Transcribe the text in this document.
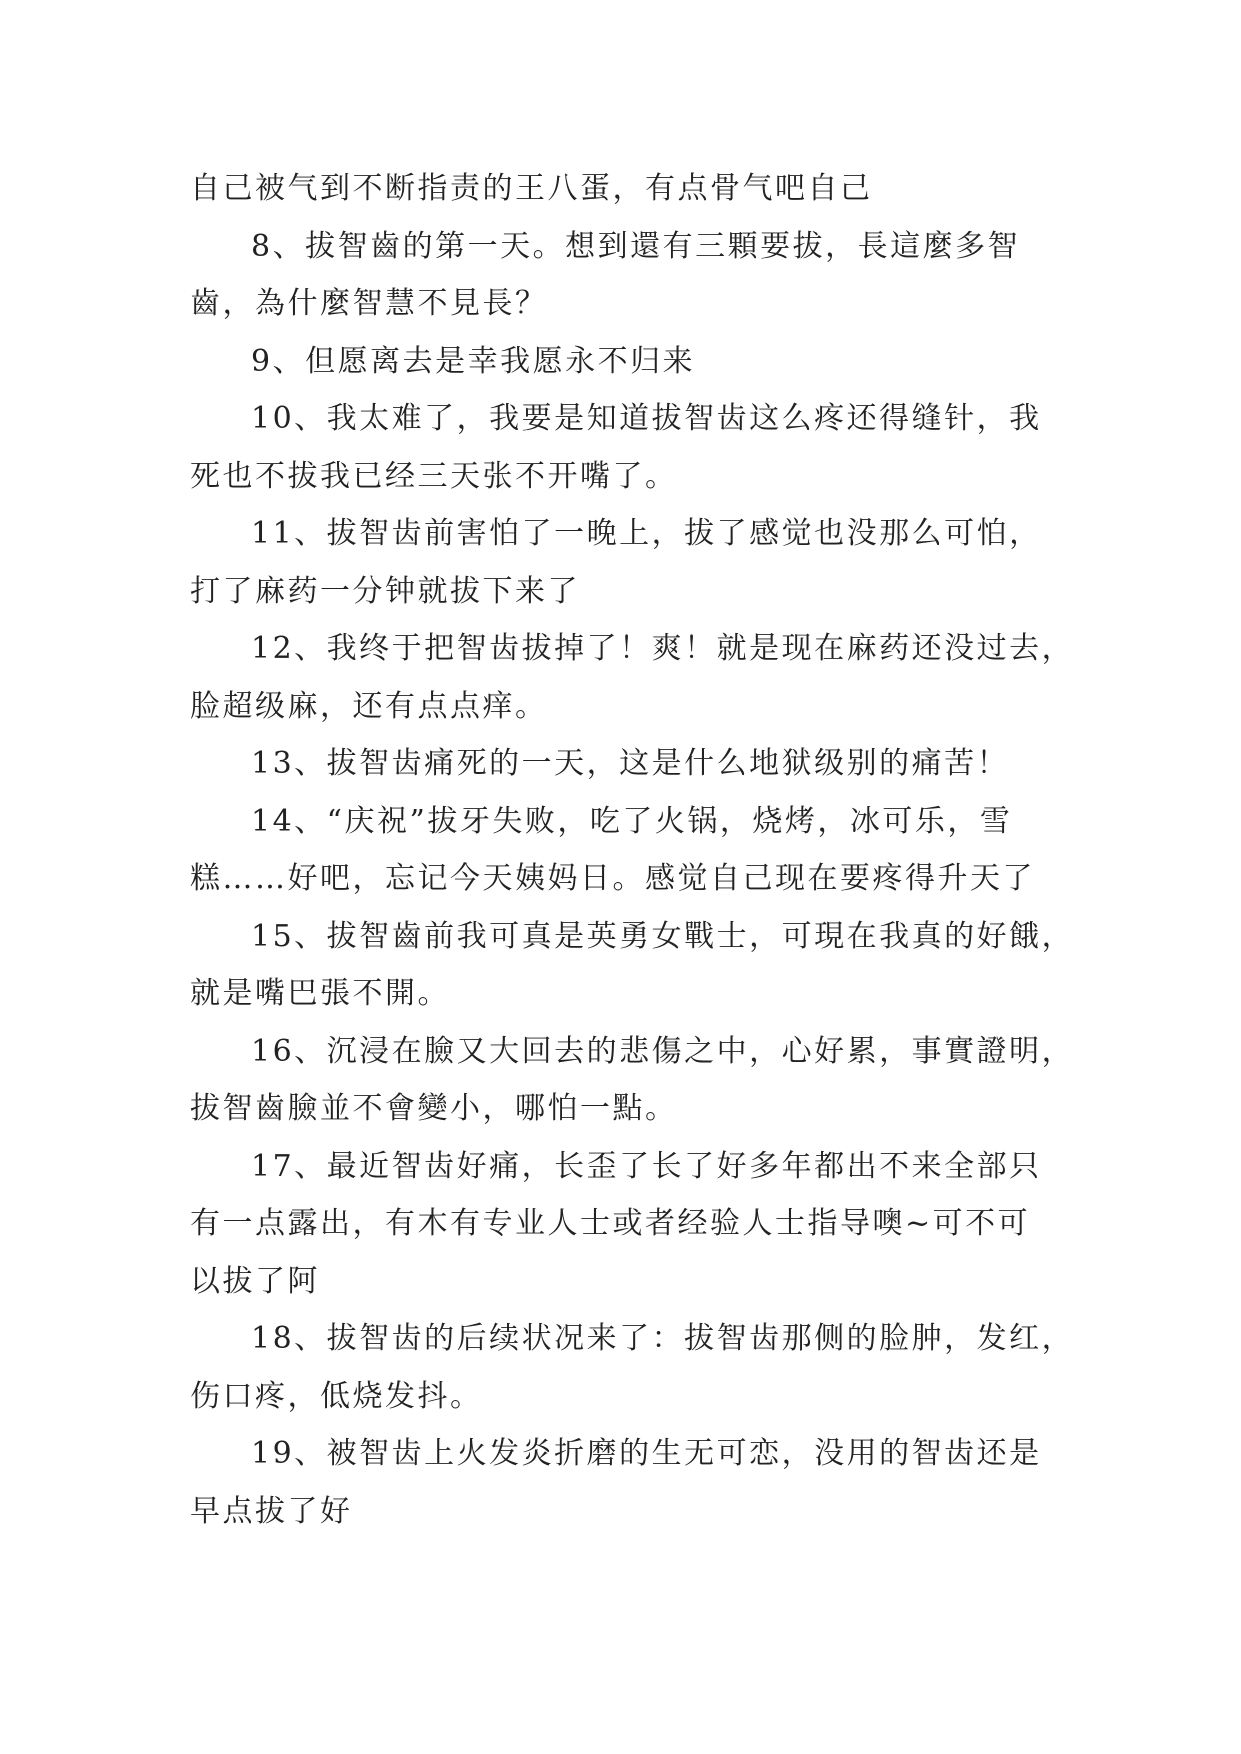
自己被气到不断指责的王八蛋，有点骨气吧自己
8、拔智齒的第一天。想到還有三顆要拔，長這麼多智
齒，為什麼智慧不見長？
9、但愿离去是幸我愿永不归来
10、我太难了，我要是知道拔智齿这么疼还得缝针，我
死也不拔我已经三天张不开嘴了。
11、拔智齿前害怕了一晚上，拔了感觉也没那么可怕，
打了麻药一分钟就拔下来了
12、我终于把智齿拔掉了！爽！就是现在麻药还没过去，
脸超级麻，还有点点痒。
13、拔智齿痛死的一天，这是什么地狱级别的痛苦！
14、“庆祝”拔牙失败，吃了火锅，烧烤，冰可乐，雪
糕……好吧，忘记今天姨妈日。感觉自己现在要疼得升天了
15、拔智齒前我可真是英勇女戰士，可現在我真的好餓，
就是嘴巴張不開。
16、沉浸在臉又大回去的悲傷之中，心好累，事實證明，
拔智齒臉並不會變小，哪怕一點。
17、最近智齿好痛，长歪了长了好多年都出不来全部只
有一点露出，有木有专业人士或者经验人士指导噢~可不可
以拔了阿
18、拔智齿的后续状况来了：拔智齿那侧的脸肿，发红，
伤口疼，低烧发抖。
19、被智齿上火发炎折磨的生无可恋，没用的智齿还是
早点拔了好
